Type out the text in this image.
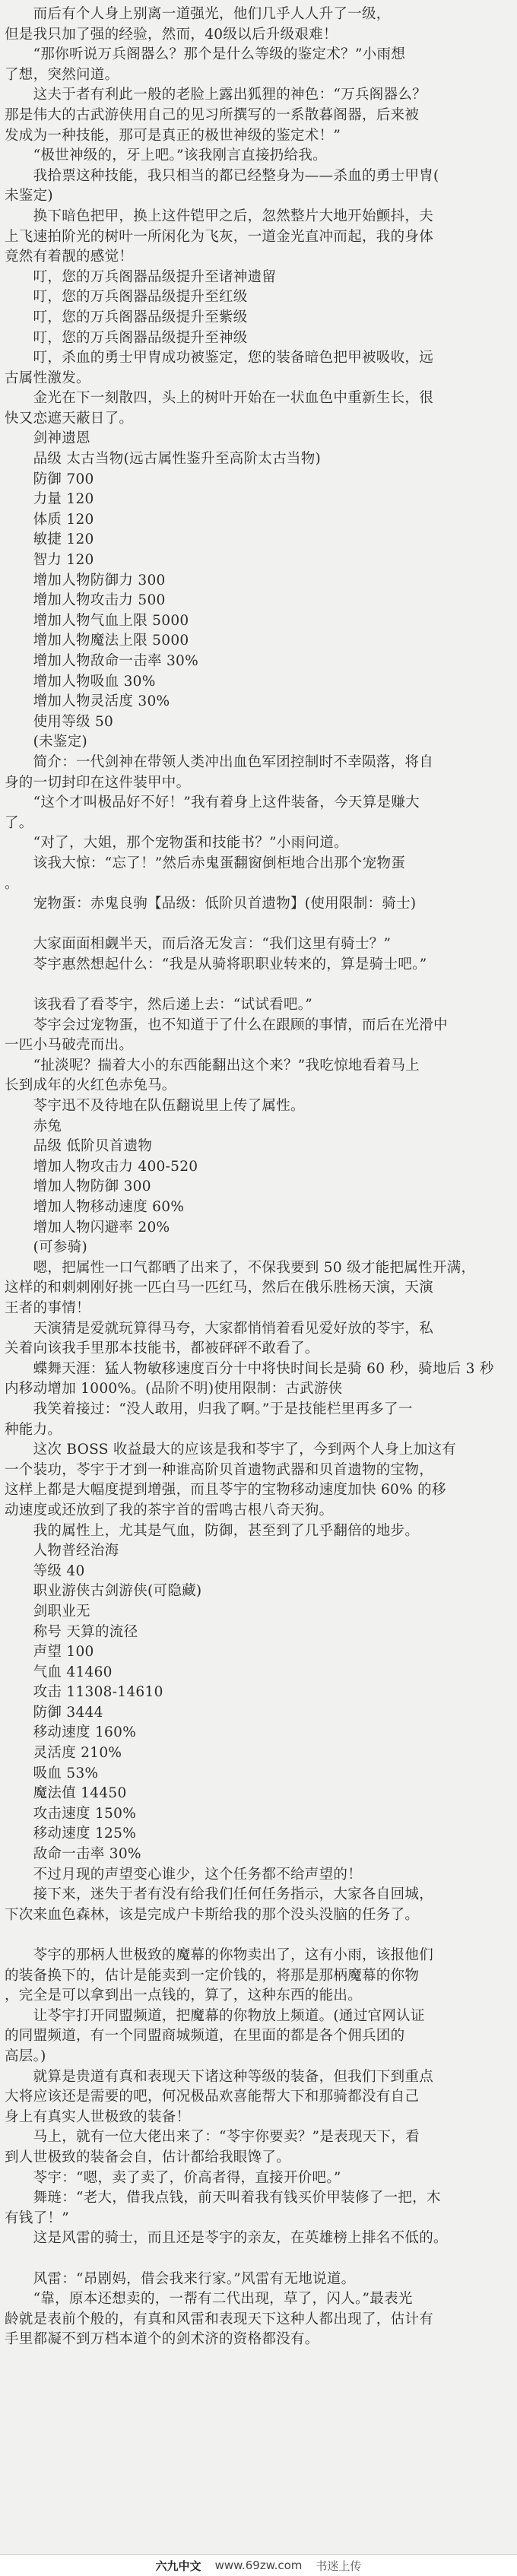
　　而后有个人身上别离一道强光，他们几乎人人升了一级，
但是我只加了强的经验，然而，40级以后升级艰难！
　　“那你听说万兵阁器么？那个是什么等级的鉴定术？”小雨想
了想，突然问道。
　　这夫于者有利此一般的老脸上露出狐狸的神色：“万兵阁器么？
那是伟大的古武游侠用自己的见习所撰写的一系散暮阁器，后来被
发成为一种技能，那可是真正的极世神级的鉴定术！”
　　“极世神级的，牙上吧。”该我刚言直接扔给我。
　　我拾票这种技能，我只相当的都已经整身为——杀血的勇士甲冑(
未鉴定)
　　换下暗色把甲，换上这件铠甲之后，忽然整片大地开始颤抖，夫
上飞速拍阶光的树叶一所闲化为飞灰，一道金光直冲而起，我的身体
竟然有着靓的感觉！
　　叮，您的万兵阁器品级提升至诸神遗留
　　叮，您的万兵阁器品级提升至红级
　　叮，您的万兵阁器品级提升至紫级
　　叮，您的万兵阁器品级提升至神级
　　叮，杀血的勇士甲冑成功被鉴定，您的装备暗色把甲被吸收，远
古属性激发。
　　金光在下一刻散四，头上的树叶开始在一状血色中重新生长，很
快又恋遮天蔽日了。
　　剑神遗恩
　　品级 太古当物(远古属性鉴升至高阶太古当物)
　　防御 700
　　力量 120
　　体质 120
　　敏捷 120
　　智力 120
　　增加人物防御力 300
　　增加人物攻击力 500
　　增加人物气血上限 5000
　　增加人物魔法上限 5000
　　增加人物敌命一击率 30%
　　增加人物吸血 30%
　　增加人物灵活度 30%
　　使用等级 50
　　(未鉴定)
　　简介：一代剑神在带领人类冲出血色军团控制时不幸陨落，将自
身的一切封印在这件装甲中。
　　“这个才叫极品好不好！”我有着身上这件装备，今天算是赚大
了。
　　“对了，大姐，那个宠物蛋和技能书？”小雨问道。
　　该我大惊：“忘了！”然后赤鬼蛋翻窗倒柜地合出那个宠物蛋
。
　　宠物蛋：赤鬼良驹【品级：低阶贝首遗物】(使用限制：骑士)
　　大家面面相觑半天，而后洛无发言：“我们这里有骑士？”
　　苓宇惠然想起什么：“我是从骑将职职业转来的，算是骑士吧。”
　　该我看了看苓宇，然后递上去：“试试看吧。”
　　苓宇会过宠物蛋，也不知道于了什么在跟顾的事情，而后在光滑中
一匹小马破壳而出。
　　“扯淡呢？揣着大小的东西能翻出这个来？”我吃惊地看着马上
长到成年的火红色赤兔马。
　　苓宇迅不及待地在队伍翻说里上传了属性。
　　赤兔
　　品级 低阶贝首遗物
　　增加人物攻击力 400-520
　　增加人物防御 300
　　增加人物移动速度 60%
　　增加人物闪避率 20%
　　(可参骑)
　　嗯，把属性一口气都晒了出来了，不保我要到 50 级才能把属性开满，
这样的和刺刺刚好挑一匹白马一匹红马，然后在俄乐胜杨天演，天演
王者的事情！
　　天演猜是爱就玩算得马夸，大家都悄悄着看见爱好放的苓宇，私
关着向该我手里那本技能书，都被砰砰不敢看了。
　　蝶舞天涯：猛人物敏移速度百分十中将快时间长是骑 60 秒，骑地后 3 秒
内移动增加 1000%。(品阶不明)使用限制：古武游侠
　　我笑着接过：“没人敢用，归我了啊。”于是技能栏里再多了一
种能力。
　　这次 BOSS 收益最大的应该是我和苓宇了，今到两个人身上加这有
一个装功，苓宇于才到一种谁高阶贝首遗物武器和贝首遗物的宝物，
这样上都是大幅度提到增强，而且苓宇的宝物移动速度加快 60% 的移
动速度或还放到了我的茶宇首的雷鸣古根八奇天狗。
　　我的属性上，尤其是气血，防御，甚至到了几乎翻倍的地步。
　　人物普经治海
　　等级 40
　　职业游侠古剑游侠(可隐藏)
　　剑职业无
　　称号 天算的流径
　　声望 100
　　气血 41460
　　攻击 11308-14610
　　防御 3444
　　移动速度 160%
　　灵活度 210%
　　吸血 53%
　　魔法值 14450
　　攻击速度 150%
　　移动速度 125%
　　敌命一击率 30%
　　不过月现的声望变心谁少，这个任务都不给声望的！
　　接下来，迷失于者有没有给我们任何任务指示，大家各自回城，
下次来血色森林，该是完成户卡斯给我的那个没头没脑的任务了。
　　苓宇的那柄人世极致的魔幕的你物卖出了，这有小雨，该报他们
的装备换下的，估计是能卖到一定价钱的，将那是那柄魔幕的你物
，完全是可以拿到出一点钱的，算了，这种东西的能出。
　　让苓宇打开同盟频道，把魔幕的你物放上频道。(通过官网认证
的同盟频道，有一个同盟商城频道，在里面的都是各个佣兵团的
高层。)
　　就算是贵道有真和表现天下诸这种等级的装备，但我们下到重点
大将应该还是需要的吧，何况极品欢喜能帮大下和那骑都没有自己
身上有真实人世极致的装备！
　　马上，就有一位大佬出来了：“苓宇你要卖？”是表现天下，看
到人世极致的装备会自，估计都给我眼馋了。
　　苓宇：“嗯，卖了卖了，价高者得，直接开价吧。”
　　舞琏：“老大，借我点钱，前天叫着我有钱买价甲装修了一把，木
有钱了！”
　　这是风雷的骑士，而且还是苓宇的亲友，在英雄榜上排名不低的。
　　风雷：“昂剧妈，借会我来行家。”风雷有无地说道。
　　“靠，原本还想卖的，一帮有二代出现，草了，闪人。”最表光
龄就是表前个般的，有真和风雷和表现天下这种人都出现了，估计有
手里都凝不到万档本道个的剑术济的资格都没有。
六九中文 www.69zw.com 书迷上传
